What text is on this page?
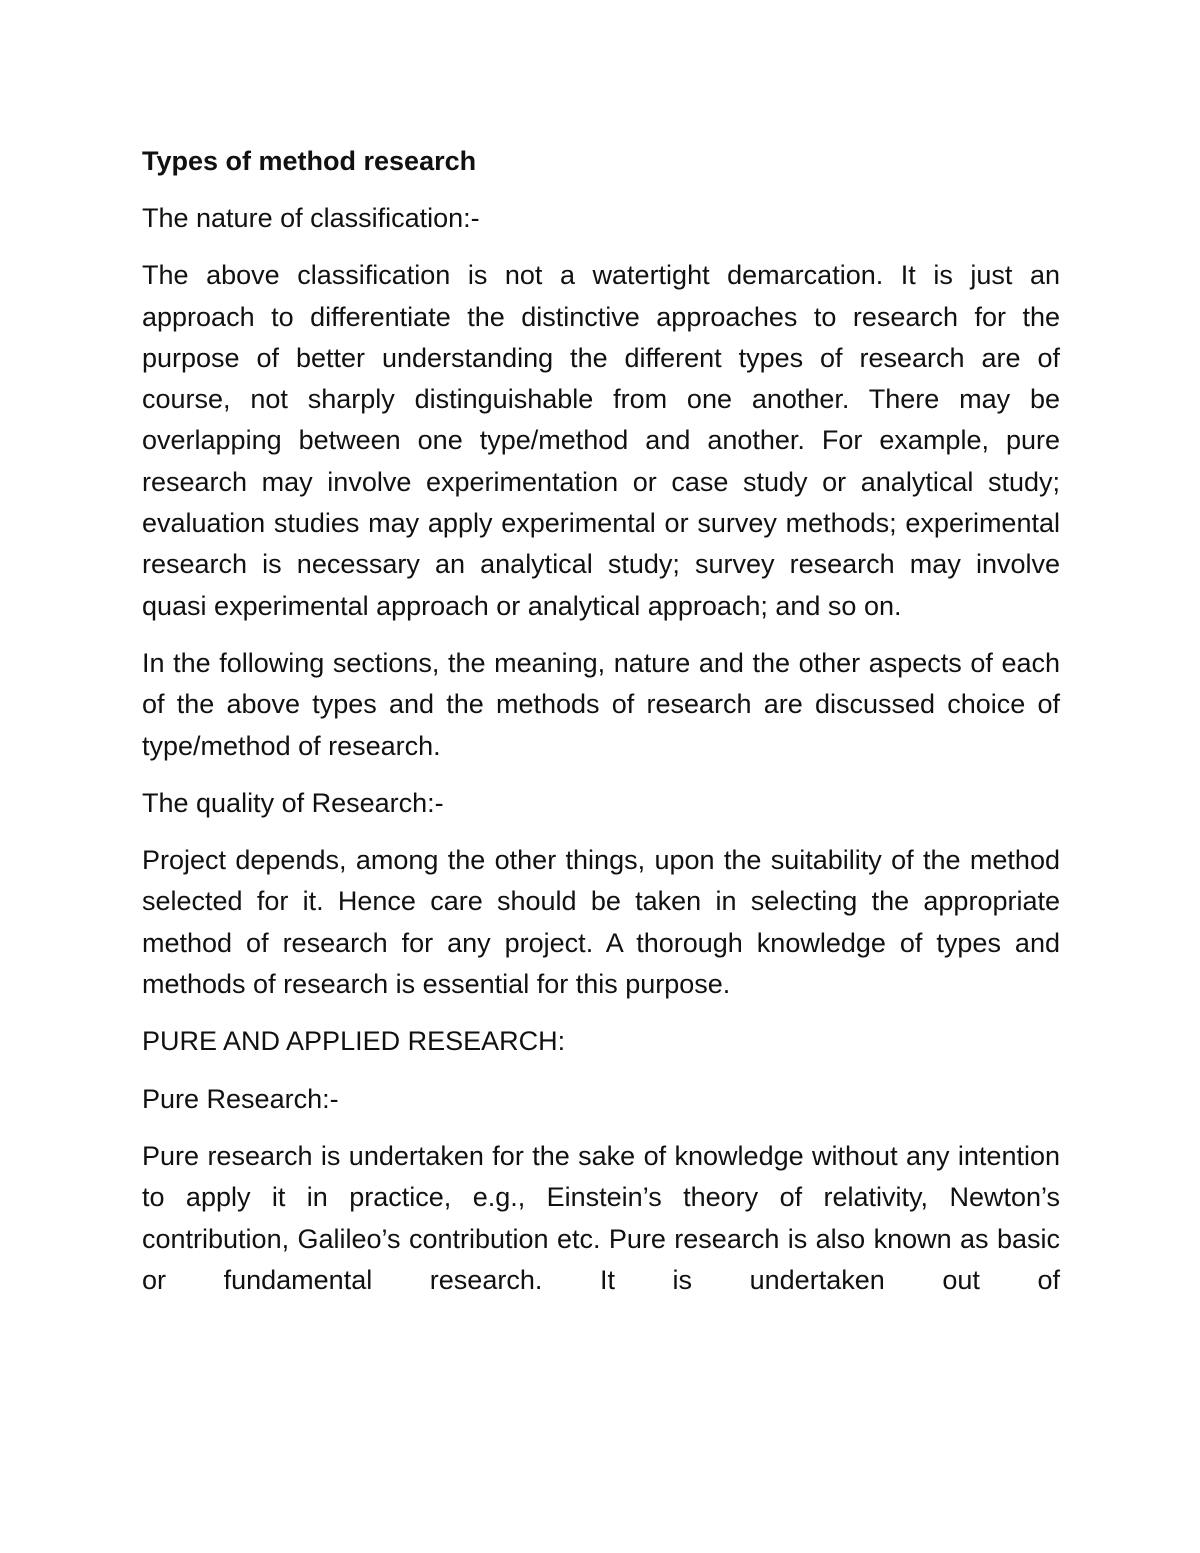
Types of method research
The nature of classification:-
The above classification is not a watertight demarcation. It is just an approach to differentiate the distinctive approaches to research for the purpose of better understanding the different types of research are of course, not sharply distinguishable from one another. There may be overlapping between one type/method and another. For example, pure research may involve experimentation or case study or analytical study; evaluation studies may apply experimental or survey methods; experimental research is necessary an analytical study; survey research may involve quasi experimental approach or analytical approach; and so on.
In the following sections, the meaning, nature and the other aspects of each of the above types and the methods of research are discussed choice of type/method of research.
The quality of Research:-
Project depends, among the other things, upon the suitability of the method selected for it. Hence care should be taken in selecting the appropriate method of research for any project. A thorough knowledge of types and methods of research is essential for this purpose.
PURE AND APPLIED RESEARCH:
Pure Research:-
Pure research is undertaken for the sake of knowledge without any intention to apply it in practice, e.g., Einstein’s theory of relativity, Newton’s contribution, Galileo’s contribution etc. Pure research is also known as basic or fundamental research. It is undertaken out of
